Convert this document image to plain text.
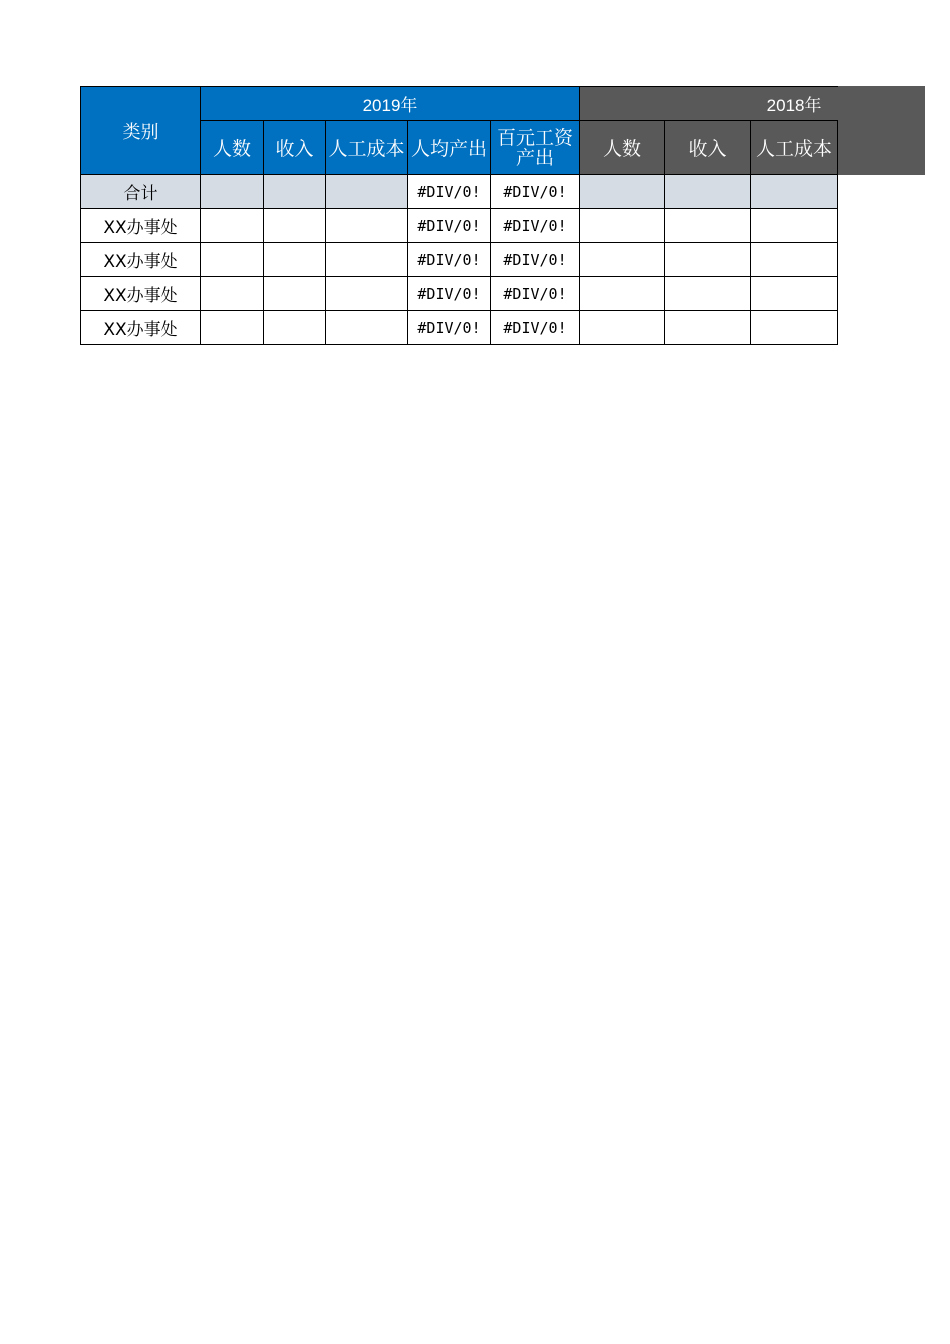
类别	2019年					2018年		
	人数	收入	人工成本	人均产出	百元工资产出	人数	收入	人工成本
合计				#DIV/0!	#DIV/0!			
XX办事处				#DIV/0!	#DIV/0!			
XX办事处				#DIV/0!	#DIV/0!			
XX办事处				#DIV/0!	#DIV/0!			
XX办事处				#DIV/0!	#DIV/0!			
